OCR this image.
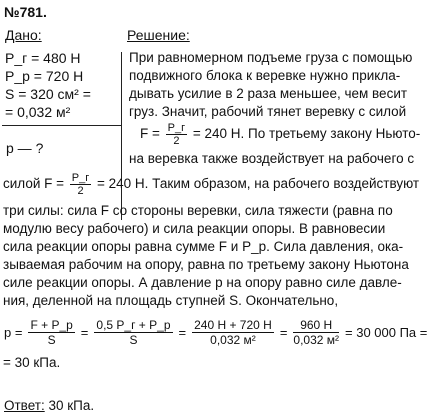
№781.
Дано:
P_г = 480 Н
P_р = 720 Н
S = 320 см² =
= 0,032 м²
p — ?
Решение:
При равномерном подъеме груза с помощью
подвижного блока к веревке нужно прикла-
дывать усилие в 2 раза меньшее, чем весит
груз. Значит, рабочий тянет веревку с силой
$F = \frac{P\_г}{2} = 240$ Н. По третьему закону Ньюто-
на веревка также воздействует на рабочего с
силой $F = \frac{P\_г}{2} = 240$ Н. Таким образом, на рабочего воздействуют
три силы: сила F со стороны веревки, сила тяжести (равна по
модулю весу рабочего) и сила реакции опоры. В равновесии
сила реакции опоры равна сумме F и P_р. Сила давления, ока-
зываемая рабочим на опору, равна по третьему закону Ньютона
силе реакции опоры. А давление p на опору равно силе давле-
ния, деленной на площадь ступней S. Окончательно,
$p = \frac{F + P\_р}{S} = \frac{0,5 P\_г + P\_р}{S} = \frac{240 Н + 720 Н}{\text{0,032 м²}} = \frac{960 Н}{\text{0,032 м²}} = 30$ 000 Па =
= 30 кПа.
Ответ: 30 кПа.
